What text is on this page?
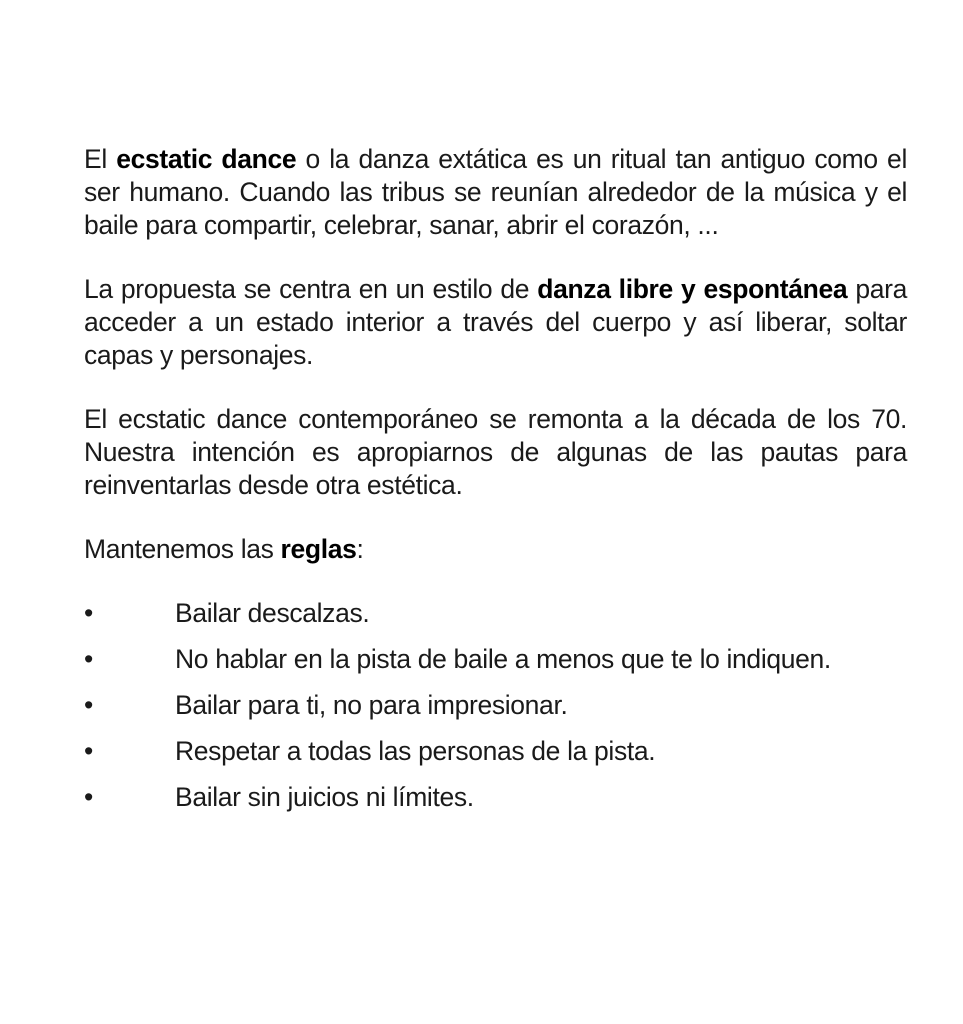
El ecstatic dance o la danza extática es un ritual tan antiguo como el ser humano. Cuando las tribus se reunían alrededor de la música y el baile para compartir, celebrar, sanar, abrir el corazón, ...

La propuesta se centra en un estilo de danza libre y espontánea para acceder a un estado interior a través del cuerpo y así liberar, soltar capas y personajes.

El ecstatic dance contemporáneo se remonta a la década de los 70. Nuestra intención es apropiarnos de algunas de las pautas para reinventarlas desde otra estética.

Mantenemos las reglas:

•	Bailar descalzas.
•	No hablar en la pista de baile a menos que te lo indiquen.
•	Bailar para ti, no para impresionar.
•	Respetar a todas las personas de la pista.
•	Bailar sin juicios ni límites.
